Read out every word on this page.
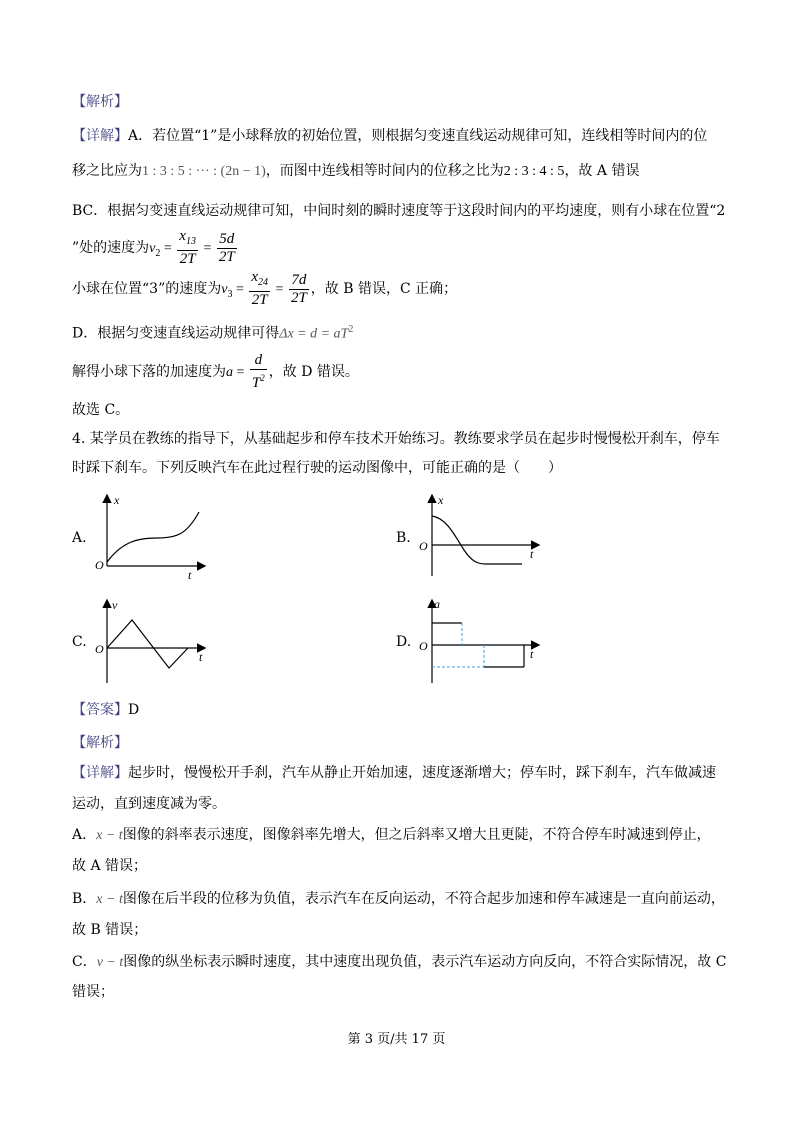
【解析】
【详解】A．若位置“1”是小球释放的初始位置，则根据匀变速直线运动规律可知，连线相等时间内的位
移之比应为1 : 3 : 5 : ··· : (2n − 1)，而图中连线相等时间内的位移之比为2 : 3 : 4 : 5，故 A 错误
BC．根据匀变速直线运动规律可知，中间时刻的瞬时速度等于这段时间内的平均速度，则有小球在位置“2
”处的速度为$v_2 = \frac{x_{13}}{2T} = \frac{5d}{2T}$
小球在位置“3”的速度为$v_3 = \frac{x_{24}}{2T} = \frac{7d}{2T}$ ，故 B 错误，C 正确；
D．根据匀变速直线运动规律可得$\Delta x = d = aT^2$
解得小球下落的加速度为$a = \frac{d}{T^2}$ ，故 D 错误。
故选 C。
4. 某学员在教练的指导下，从基础起步和停车技术开始练习。教练要求学员在起步时慢慢松开刹车，停车
时踩下刹车。下列反映汽车在此过程行驶的运动图像中，可能正确的是（　　）
A.
x
O
t
B.
x
O
t
C.
v
O
t
D.
a
O
t
【答案】D
【解析】
【详解】起步时，慢慢松开手刹，汽车从静止开始加速，速度逐渐增大；停车时，踩下刹车，汽车做减速
运动，直到速度减为零。
A．x − t图像的斜率表示速度，图像斜率先增大，但之后斜率又增大且更陡，不符合停车时减速到停止，
故 A 错误；
B．x − t图像在后半段的位移为负值，表示汽车在反向运动，不符合起步加速和停车减速是一直向前运动，
故 B 错误；
C．v − t图像的纵坐标表示瞬时速度，其中速度出现负值，表示汽车运动方向反向，不符合实际情况，故 C
错误；
第 3 页/共 17 页
